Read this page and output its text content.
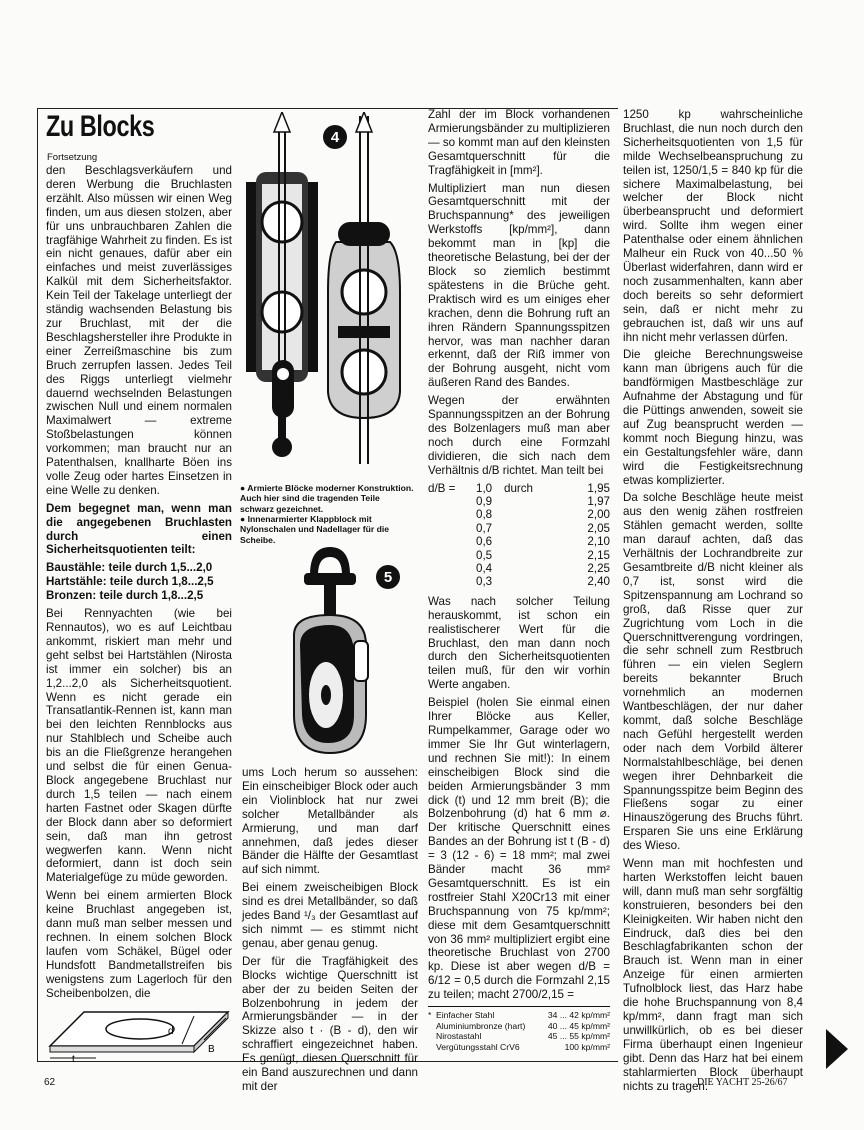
Zu Blocks
Fortsetzung

den Beschlagsverkäufern und deren Werbung die Bruchlasten erzählt. Also müssen wir einen Weg finden, um aus diesen stolzen, aber für uns unbrauchbaren Zahlen die tragfähige Wahrheit zu finden. Es ist ein nicht genaues, dafür aber ein einfaches und meist zuverlässiges Kalkül mit dem Sicherheitsfaktor. Kein Teil der Takelage unterliegt der ständig wachsenden Belastung bis zur Bruchlast, mit der die Beschlagshersteller ihre Produkte in einer Zerreißmaschine bis zum Bruch zerrupfen lassen. Jedes Teil des Riggs unterliegt vielmehr dauernd wechselnden Belastungen zwischen Null und einem normalen Maximalwert — extreme Stoßbelastungen können vorkommen; man braucht nur an Patenthalsen, knallharte Böen ins volle Zeug oder hartes Einsetzen in eine Welle zu denken.

Dem begegnet man, wenn man die angegebenen Bruchlasten durch einen Sicherheitsquotienten teilt:

Baustähle: teile durch 1,5...2,0
Hartstähle: teile durch 1,8...2,5

Bronzen: teile durch 1,8...2,5

Bei Rennyachten (wie bei Rennautos), wo es auf Leichtbau ankommt, riskiert man mehr und geht selbst bei Hartstählen (Nirosta ist immer ein solcher) bis an 1,2...2,0 als Sicherheitsquotient. Wenn es nicht gerade ein Transatlantik-Rennen ist, kann man bei den leichten Rennblocks aus nur Stahlblech und Scheibe auch bis an die Fließgrenze herangehen und selbst die für einen Genua-Block angegebene Bruchlast nur durch 1,5 teilen — nach einem harten Fastnet oder Skagen dürfte der Block dann aber so deformiert sein, daß man ihn getrost wegwerfen kann. Wenn nicht deformiert, dann ist doch sein Materialgefüge zu müde geworden.

Wenn bei einem armierten Block keine Bruchlast angegeben ist, dann muß man selber messen und rechnen. In einem solchen Block laufen vom Schäkel, Bügel oder Hundsfott Bandmetallstreifen bis wenigstens zum Lagerloch für den Scheibenbolzen, die

4
● Armierte Blöcke moderner Konstruktion. Auch hier sind die tragenden Teile schwarz gezeichnet.
● Innenarmierter Klappblock mit Nylonschalen und Nadellager für die Scheibe.
5

ums Loch herum so aussehen: Ein einscheibiger Block oder auch ein Violinblock hat nur zwei solcher Metallbänder als Armierung, und man darf annehmen, daß jedes dieser Bänder die Hälfte der Gesamtlast auf sich nimmt.

Bei einem zweischeibigen Block sind es drei Metallbänder, so daß jedes Band ¹/₃ der Gesamtlast auf sich nimmt — es stimmt nicht genau, aber genau genug.

Der für die Tragfähigkeit des Blocks wichtige Querschnitt ist aber der zu beiden Seiten der Bolzenbohrung in jedem der Armierungsbänder — in der Skizze also t · (B - d), den wir schraffiert eingezeichnet haben. Es genügt, diesen Querschnitt für ein Band auszurechnen und dann mit der

t
d
B

Zahl der im Block vorhandenen Armierungsbänder zu multiplizieren — so kommt man auf den kleinsten Gesamtquerschnitt für die Tragfähigkeit in [mm²].

Multipliziert man nun diesen Gesamtquerschnitt mit der Bruchspannung* des jeweiligen Werkstoffs [kp/mm²], dann bekommt man in [kp] die theoretische Belastung, bei der der Block so ziemlich bestimmt spätestens in die Brüche geht. Praktisch wird es um einiges eher krachen, denn die Bohrung ruft an ihren Rändern Spannungsspitzen hervor, was man nachher daran erkennt, daß der Riß immer von der Bohrung ausgeht, nicht vom äußeren Rand des Bandes.

Wegen der erwähnten Spannungsspitzen an der Bohrung des Bolzenlagers muß man aber noch durch eine Formzahl dividieren, die sich nach dem Verhältnis d/B richtet. Man teilt bei

d/B =	1,0	durch	1,95
	0,9		1,97
	0,8		2,00
	0,7		2,05
	0,6		2,10
	0,5		2,15
	0,4		2,25
	0,3		2,40

Was nach solcher Teilung herauskommt, ist schon ein realistischerer Wert für die Bruchlast, den man dann noch durch den Sicherheitsquotienten teilen muß, für den wir vorhin Werte angaben.

Beispiel (holen Sie einmal einen Ihrer Blöcke aus Keller, Rumpelkammer, Garage oder wo immer Sie Ihr Gut winterlagern, und rechnen Sie mit!): In einem einscheibigen Block sind die beiden Armierungsbänder 3 mm dick (t) und 12 mm breit (B); die Bolzenbohrung (d) hat 6 mm ⌀. Der kritische Querschnitt eines Bandes an der Bohrung ist t (B - d) = 3 (12 - 6) = 18 mm²; mal zwei Bänder macht 36 mm² Gesamtquerschnitt. Es ist ein rostfreier Stahl X20Cr13 mit einer Bruchspannung von 75 kp/mm²; diese mit dem Gesamtquerschnitt von 36 mm² multipliziert ergibt eine theoretische Bruchlast von 2700 kp. Diese ist aber wegen d/B = 6/12 = 0,5 durch die Formzahl 2,15 zu teilen; macht 2700/2,15 =

* Einfacher Stahl	34 ... 42 kp/mm²
Aluminiumbronze (hart)	40 ... 45 kp/mm²
Nirostastahl	45 ... 55 kp/mm²
Vergütungsstahl CrV6	100 kp/mm²

1250 kp wahrscheinliche Bruchlast, die nun noch durch den Sicherheitsquotienten von 1,5 für milde Wechselbeanspruchung zu teilen ist, 1250/1,5 = 840 kp für die sichere Maximalbelastung, bei welcher der Block nicht überbeansprucht und deformiert wird. Sollte ihm wegen einer Patenthalse oder einem ähnlichen Malheur ein Ruck von 40...50 % Überlast widerfahren, dann wird er noch zusammenhalten, kann aber doch bereits so sehr deformiert sein, daß er nicht mehr zu gebrauchen ist, daß wir uns auf ihn nicht mehr verlassen dürfen.

Die gleiche Berechnungsweise kann man übrigens auch für die bandförmigen Mastbeschläge zur Aufnahme der Abstagung und für die Püttings anwenden, soweit sie auf Zug beansprucht werden — kommt noch Biegung hinzu, was ein Gestaltungsfehler wäre, dann wird die Festigkeitsrechnung etwas komplizierter.

Da solche Beschläge heute meist aus den wenig zähen rostfreien Stählen gemacht werden, sollte man darauf achten, daß das Verhältnis der Lochrandbreite zur Gesamtbreite d/B nicht kleiner als 0,7 ist, sonst wird die Spitzenspannung am Lochrand so groß, daß Risse quer zur Zugrichtung vom Loch in die Querschnittverengung vordringen, die sehr schnell zum Restbruch führen — ein vielen Seglern bereits bekannter Bruch vornehmlich an modernen Wantbeschlägen, der nur daher kommt, daß solche Beschläge nach Gefühl hergestellt werden oder nach dem Vorbild älterer Normalstahlbeschläge, bei denen wegen ihrer Dehnbarkeit die Spannungsspitze beim Beginn des Fließens sogar zu einer Hinauszögerung des Bruchs führt. Ersparen Sie uns eine Erklärung des Wieso.

Wenn man mit hochfesten und harten Werkstoffen leicht bauen will, dann muß man sehr sorgfältig konstruieren, besonders bei den Kleinigkeiten. Wir haben nicht den Eindruck, daß dies bei den Beschlagfabrikanten schon der Brauch ist. Wenn man in einer Anzeige für einen armierten Tufnolblock liest, das Harz habe die hohe Bruchspannung von 8,4 kp/mm², dann fragt man sich unwillkürlich, ob es bei dieser Firma überhaupt einen Ingenieur gibt. Denn das Harz hat bei einem stahlarmierten Block überhaupt nichts zu tragen.

62	DIE YACHT 25-26/67
